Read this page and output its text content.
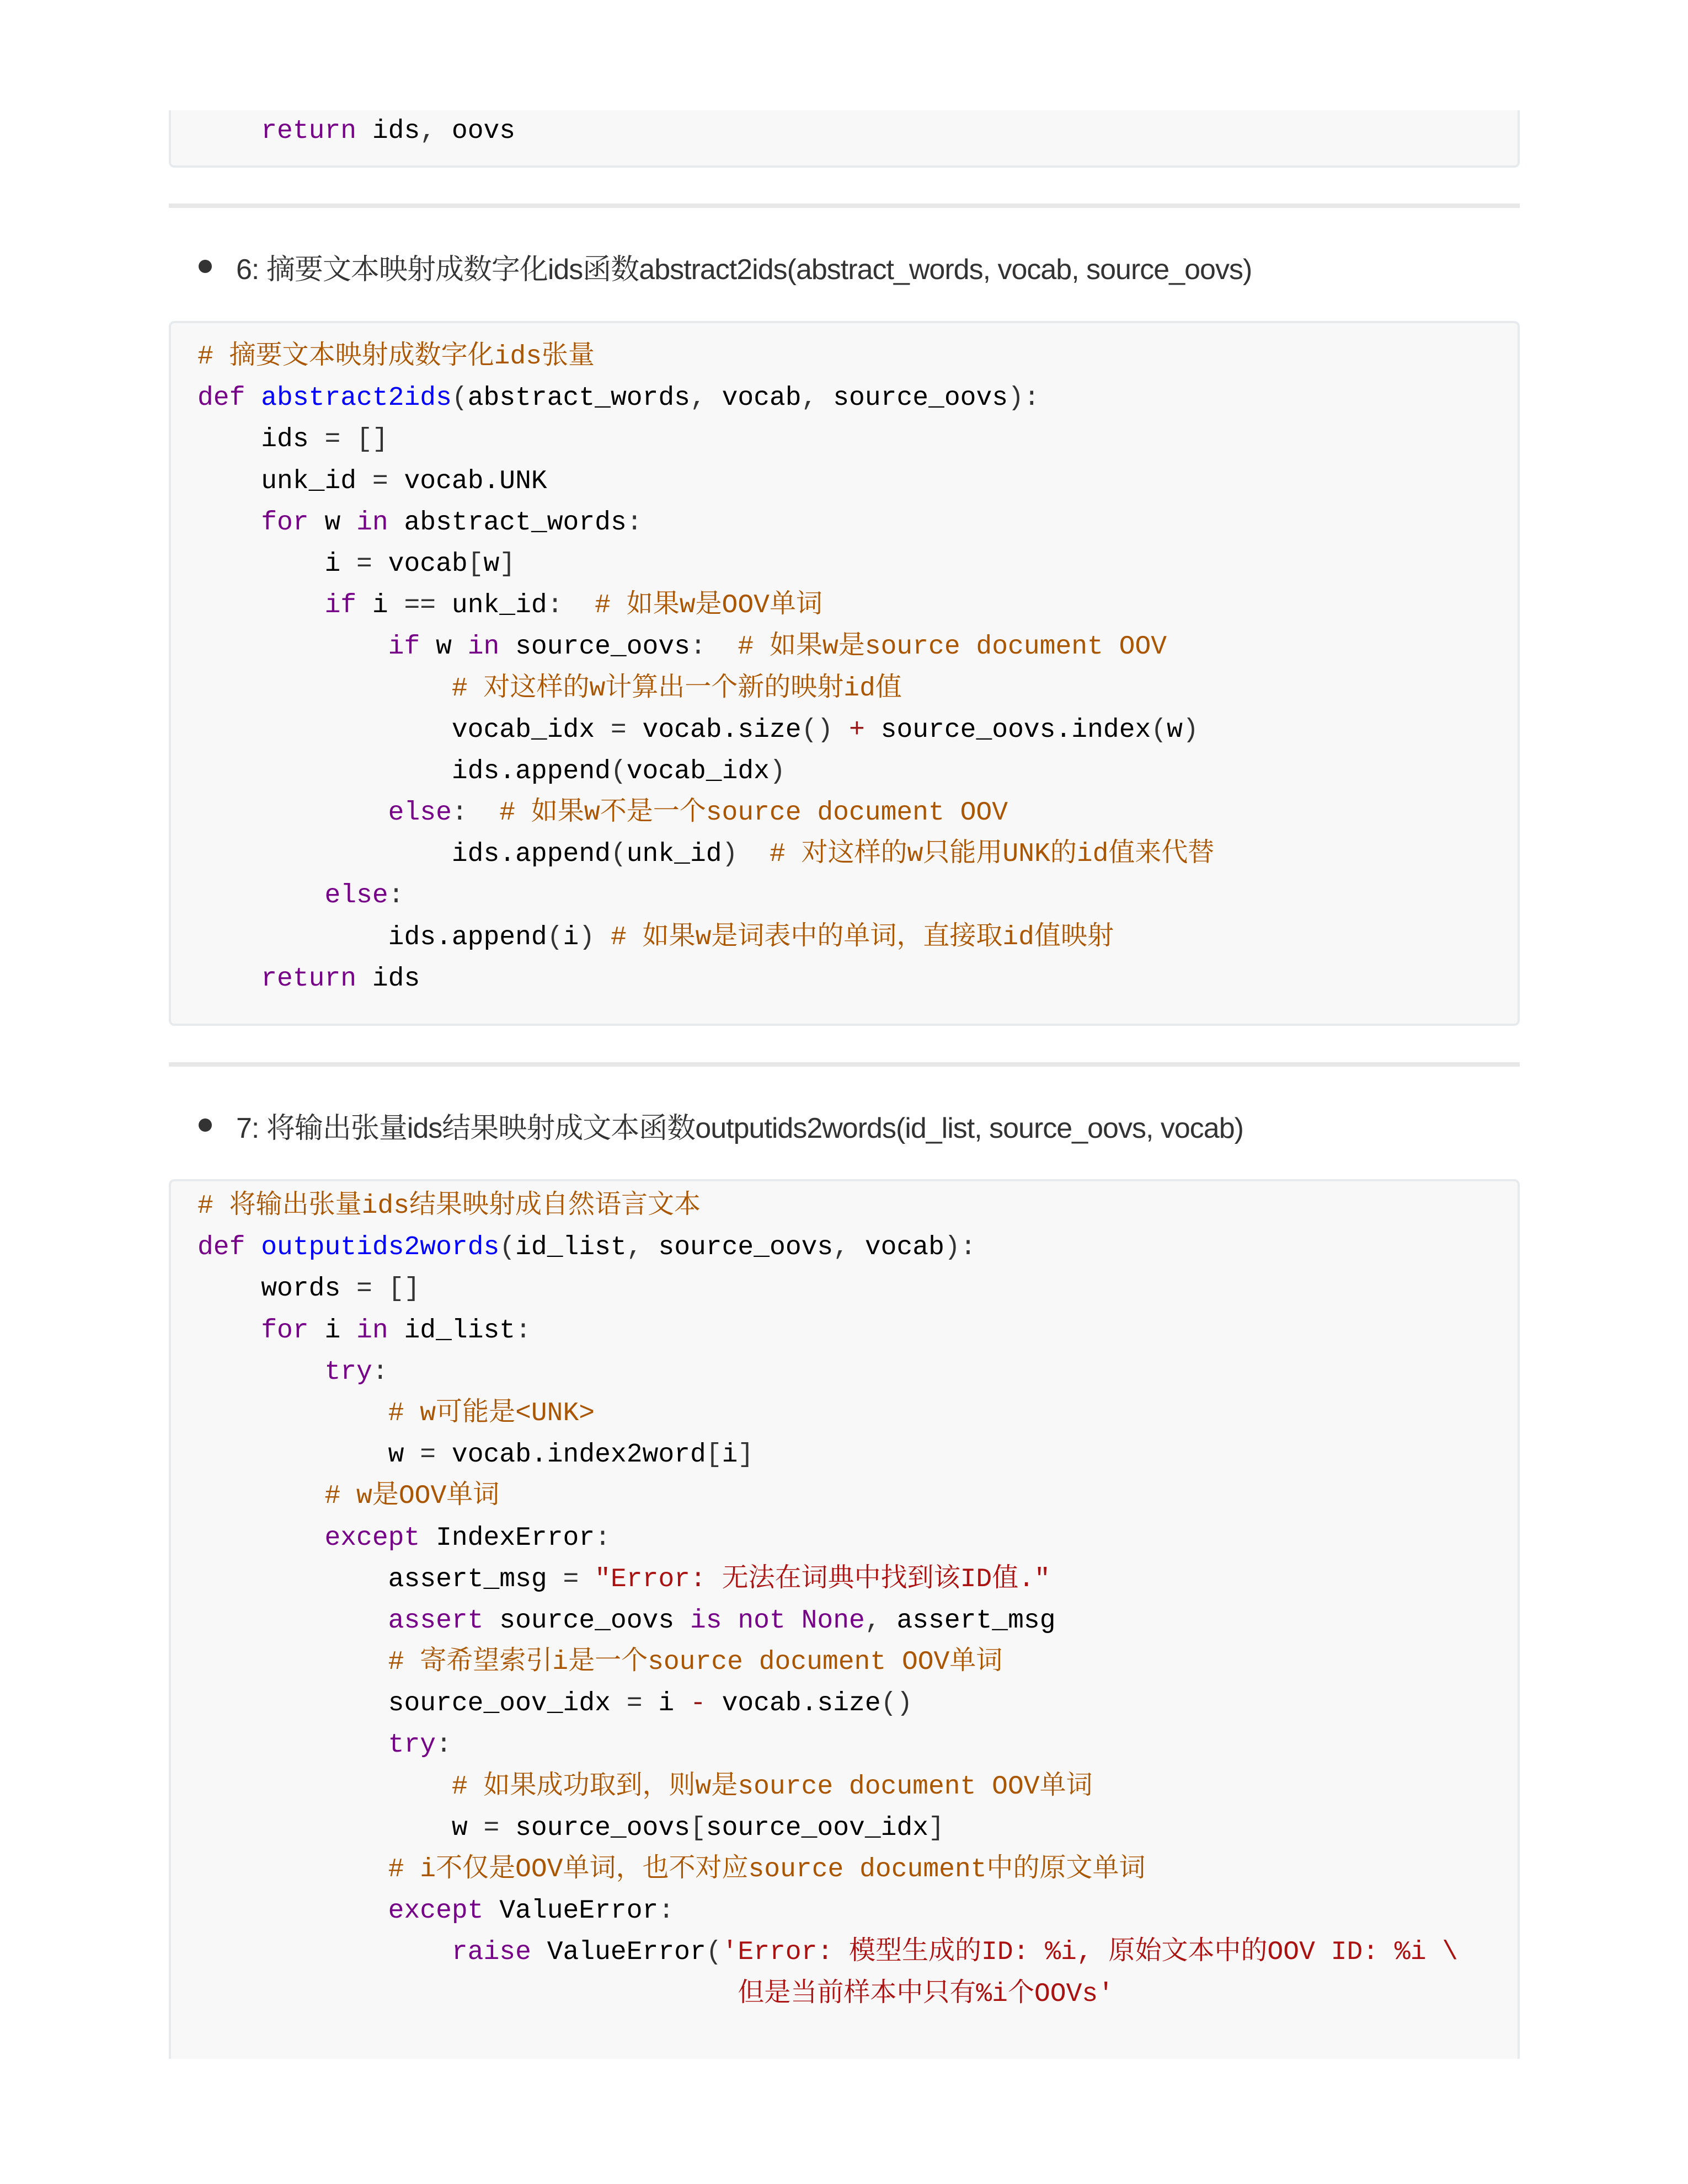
return ids, oovs
6: 摘要文本映射成数字化ids函数abstract2ids(abstract_words, vocab, source_oovs)
# 摘要文本映射成数字化ids张量
def abstract2ids(abstract_words, vocab, source_oovs):
ids = []
unk_id = vocab.UNK
for w in abstract_words:
i = vocab[w]
if i == unk_id: # 如果w是OOV单词
if w in source_oovs: # 如果w是source document OOV
# 对这样的w计算出一个新的映射id值
vocab_idx = vocab.size() + source_oovs.index(w)
ids.append(vocab_idx)
else: # 如果w不是一个source document OOV
ids.append(unk_id) # 对这样的w只能用UNK的id值来代替
else:
ids.append(i) # 如果w是词表中的单词，直接取id值映射
return ids
7: 将输出张量ids结果映射成文本函数outputids2words(id_list, source_oovs, vocab)
# 将输出张量ids结果映射成自然语言文本
def outputids2words(id_list, source_oovs, vocab):
words = []
for i in id_list:
try:
# w可能是<UNK>
w = vocab.index2word[i]
# w是OOV单词
except IndexError:
assert_msg = "Error: 无法在词典中找到该ID值."
assert source_oovs is not None, assert_msg
# 寄希望索引i是一个source document OOV单词
source_oov_idx = i - vocab.size()
try:
# 如果成功取到，则w是source document OOV单词
w = source_oovs[source_oov_idx]
# i不仅是OOV单词，也不对应source document中的原文单词
except ValueError:
raise ValueError('Error: 模型生成的ID: %i, 原始文本中的OOV ID: %i \
但是当前样本中只有%i个OOVs'
